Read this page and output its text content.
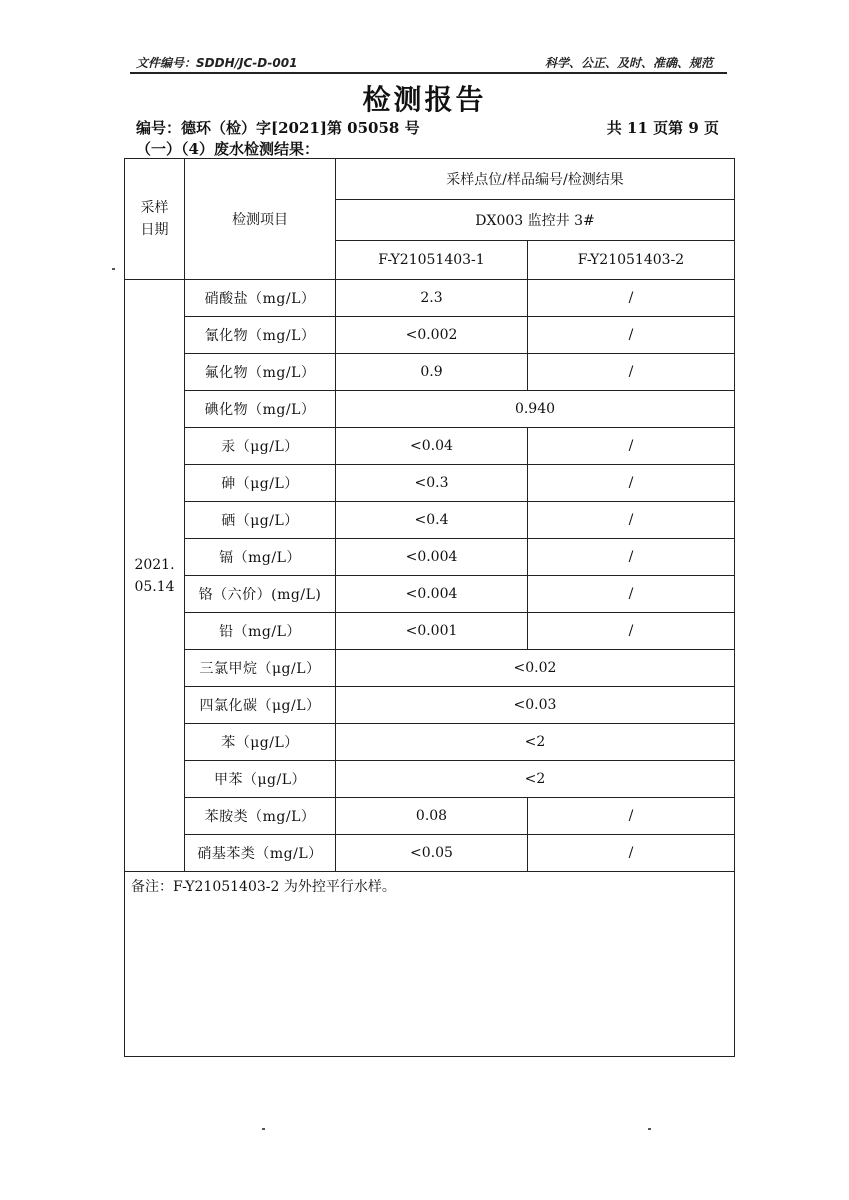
文件编号：SDDH/JC-D-001	科学、公正、及时、准确、规范
检测报告
编号：德环（检）字[2021]第 05058 号	共 11 页第 9 页
（一）（4）废水检测结果：
采样日期	检测项目	采样点位/样品编号/检测结果	
		DX003 监控井 3#	
		F-Y21051403-1	F-Y21051403-2
2021.05.14	硝酸盐（mg/L）	2.3	/
	氰化物（mg/L）	<0.002	/
	氟化物（mg/L）	0.9	/
	碘化物（mg/L）	0.940	
	汞（μg/L）	<0.04	/
	砷（μg/L）	<0.3	/
	硒（μg/L）	<0.4	/
	镉（mg/L）	<0.004	/
	铬（六价）(mg/L)	<0.004	/
	铅（mg/L）	<0.001	/
	三氯甲烷（μg/L）	<0.02	
	四氯化碳（μg/L）	<0.03	
	苯（μg/L）	<2	
	甲苯（μg/L）	<2	
	苯胺类（mg/L）	0.08	/
	硝基苯类（mg/L）	<0.05	/
备注：F-Y21051403-2 为外控平行水样。			
